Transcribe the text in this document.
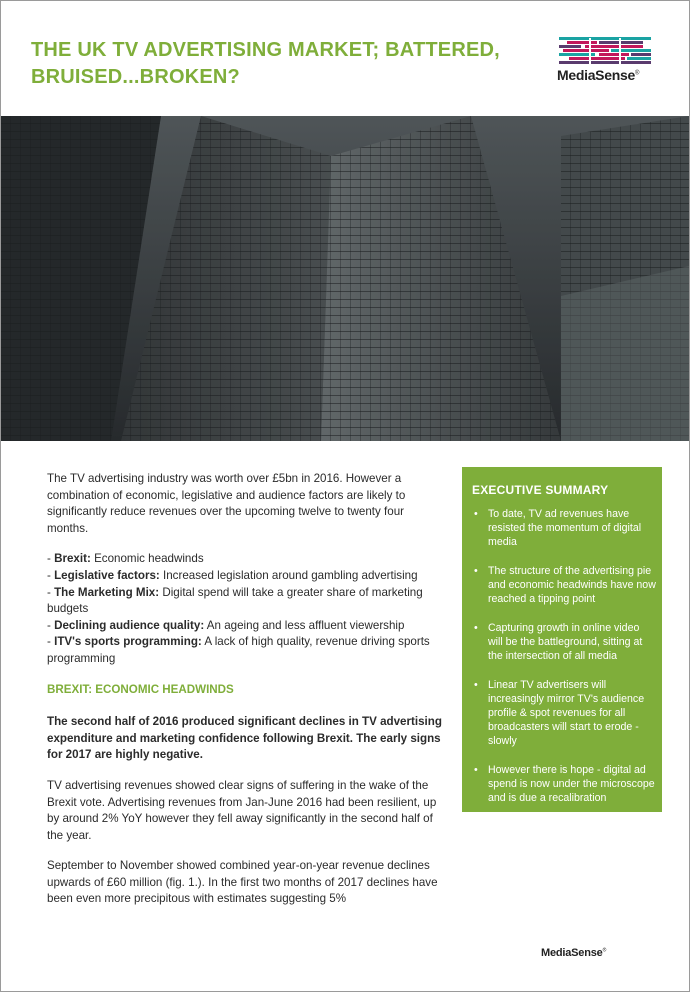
THE UK TV ADVERTISING MARKET; BATTERED,
BRUISED...BROKEN?	MediaSense®

The TV advertising industry was worth over £5bn in 2016. However a combination of economic, legislative and audience factors are likely to significantly reduce revenues over the upcoming twelve to twenty four months.

- Brexit: Economic headwinds
- Legislative factors: Increased legislation around gambling advertising
- The Marketing Mix: Digital spend will take a greater share of marketing budgets
- Declining audience quality: An ageing and less affluent viewership
- ITV's sports programming: A lack of high quality, revenue driving sports programming
BREXIT: ECONOMIC HEADWINDS

The second half of 2016 produced significant declines in TV advertising expenditure and marketing confidence following Brexit. The early signs for 2017 are highly negative.

TV advertising revenues showed clear signs of suffering in the wake of the Brexit vote. Advertising revenues from Jan-June 2016 had been resilient, up by around 2% YoY however they fell away significantly in the second half of the year.

September to November showed combined year-on-year revenue declines upwards of £60 million (fig. 1.). In the first two months of 2017 declines have been even more precipitous with estimates suggesting 5%

EXECUTIVE SUMMARY
• To date, TV ad revenues have resisted the momentum of digital media
• The structure of the advertising pie and economic headwinds have now reached a tipping point
• Capturing growth in online video will be the battleground, sitting at the intersection of all media
• Linear TV advertisers will increasingly mirror TV's audience profile & spot revenues for all broadcasters will start to erode - slowly
• However there is hope - digital ad spend is now under the microscope and is due a recalibration
MediaSense®
